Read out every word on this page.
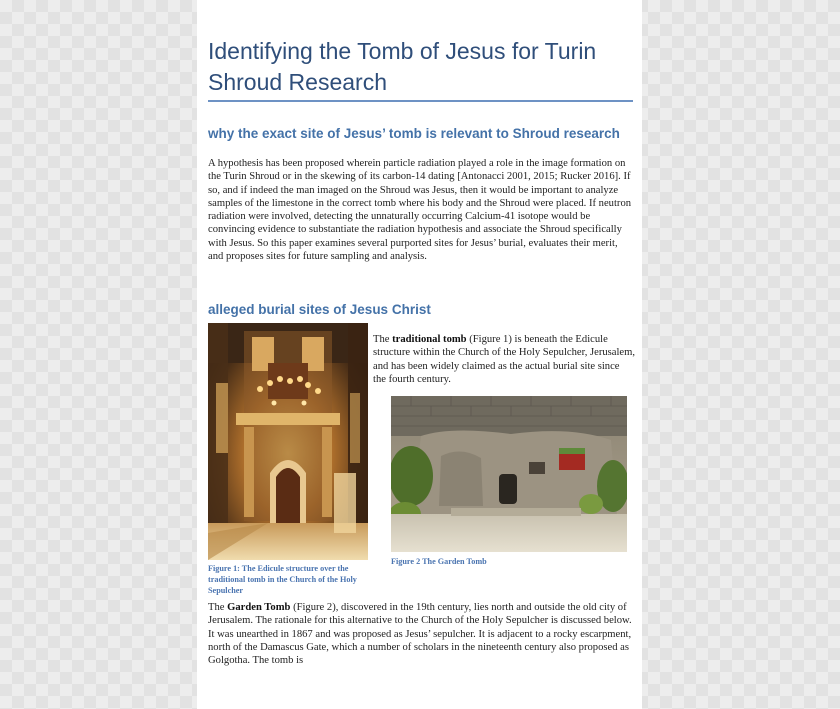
Identifying the Tomb of Jesus for Turin Shroud Research
why the exact site of Jesus’ tomb is relevant to Shroud research
A hypothesis has been proposed wherein particle radiation played a role in the image formation on the Turin Shroud or in the skewing of its carbon-14 dating [Antonacci 2001, 2015; Rucker 2016]. If so, and if indeed the man imaged on the Shroud was Jesus, then it would be important to analyze samples of the limestone in the correct tomb where his body and the Shroud were placed. If neutron radiation were involved, detecting the unnaturally occurring Calcium-41 isotope would be convincing evidence to substantiate the radiation hypothesis and associate the Shroud specifically with Jesus. So this paper examines several purported sites for Jesus’ burial, evaluates their merit, and proposes sites for future sampling and analysis.
alleged burial sites of Jesus Christ
Figure 1: The Edicule structure over the traditional tomb in the Church of the Holy Sepulcher
The traditional tomb (Figure 1) is beneath the Edicule structure within the Church of the Holy Sepulcher, Jerusalem, and has been widely claimed as the actual burial site since the fourth century.
Figure 2 The Garden Tomb
The Garden Tomb (Figure 2), discovered in the 19th century, lies north and outside the old city of Jerusalem. The rationale for this alternative to the Church of the Holy Sepulcher is discussed below. It was unearthed in 1867 and was proposed as Jesus’ sepulcher. It is adjacent to a rocky escarpment, north of the Damascus Gate, which a number of scholars in the nineteenth century also proposed as Golgotha. The tomb is
